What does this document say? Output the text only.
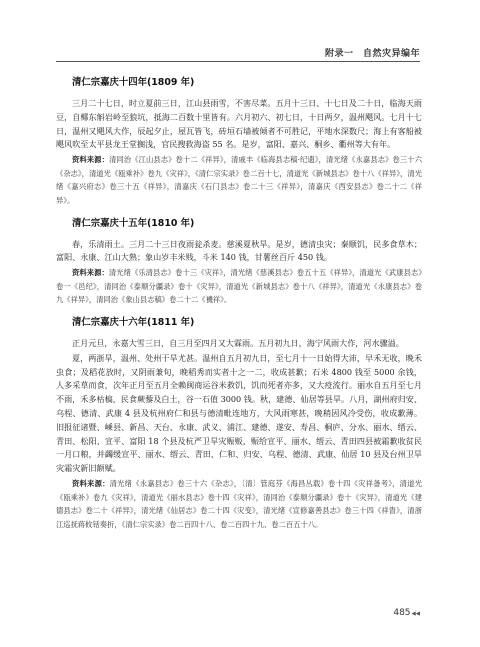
附录一　自然灾异编年
清仁宗嘉庆十四年(1809 年)

三月二十七日，时立夏前三日，江山县雨雪，不害尽菜。五月十三日、十七日及二十日，临海天雨豆，自椰东斛岩岭至狼坑，抵海二百数十里皆有。六月初六、初七日，十日两夕，温州飓风。七月十七日，温州又飓风大作，辰起夕止，屋瓦皆飞，砖垣石墙被倾者不可胜记，平地水深数尺；海上有客船被飓风吹至太平县龙王堂搁浅，官民搜救海盗 55 名。是岁，富阳、嘉兴、桐乡、衢州等大有年。

资料来源：清同治《江山县志》卷十二《祥异》，清戚丰《临海县志稿·纪遗》，清光绪《永嘉县志》卷三十六《杂志》，清道光《瓯乘补》卷九《灾祥》，《清仁宗实录》卷二百十七，清道光《新城县志》卷十八《祥异》，清光绪《嘉兴府志》卷三十五《祥异》，清嘉庆《石门县志》卷二十三《祥异》，清嘉庆《西安县志》卷二十二《祥异》。

清仁宗嘉庆十五年(1810 年)

春，乐清雨土。三月二十三日夜雨瓮杀麦。慈溪夏秋旱。是岁，德清虫灾；秦顺饥，民多食草木；富阳、永康、江山大熟；象山岁丰米贱，斗米 140 钱，甘薯丝百斤 450 钱。

资料来源：清光绪《乐清县志》卷十三《灾祥》，清光绪《慈溪县志》卷五十五《祥异》，清道光《武康县志》卷一《邑纪》，清同治《泰顺分疆录》卷十《灾异》，清道光《新城县志》卷十八《祥异》，清道光《永康县志》卷九《祥异》，清同治《象山县志稿》卷二十二《禨祥》。

清仁宗嘉庆十六年(1811 年)

正月元旦，永嘉大雪三日，自三月至四月又大霖雨。五月初九日，海宁风雨大作，河水骤溢。

夏，两浙旱，温州、处州干旱尤甚。温州自五月初九日，至七月十一日始得大沛，早禾无收，晚禾虫食；及稻花放时，又阴雨兼旬，晚稻秀而实者十之一二，收成甚歉；石米 4800 钱至 5000 余钱，人多采草而食，次年正月至五月全赖闽商运谷米救饥，饥而死者亦多，又大疫流行。丽水自五月至七月不雨，禾多枯槁，民食蕨藜及白土，谷一石值 3000 钱。秋，建德、仙居等县旱。八月，湖州府归安、乌程、德清、武康 4 县及杭州府仁和县与德清毗连地方，大风雨寒甚，晚稍因风冷受伤，收成歉薄。旧报征诸暨、嵊县、新昌、天台、永康、武义、浦江、建德、遂安、寿昌、桐庐、分水、丽水、缙云、青田、松阳、宣平、富阳 18 个县及杭严卫旱灾赈贩，赈给宣平、丽水、缙云、青田四县被霜歉收贫民一月口粮，并蠲缓宣平、丽水、缙云、青田、仁和、归安、乌程、德清、武康、仙居 10 县及台州卫旱灾霜灾新旧额赋。

资料来源：清光绪《永嘉县志》卷三十六《杂志》，〔清〕管庭芬《海昌丛载》卷十四《灾祥备考》，清道光《瓯乘补》卷九《灾祥》，清道光《丽水县志》卷十四《灾祥》，清同治《泰顺分疆录》卷十《灾异》，清道光《建德县志》卷二十《祥异》，清光绪《仙居志》卷二十四《灾变》，清光绪《宣修嘉善县志》卷三十四《祥眚》，清浙江巡抚蒋攸铦奏折，《清仁宗实录》卷二百四十八、卷二百四十九、卷二百五十八。

485◀◀
